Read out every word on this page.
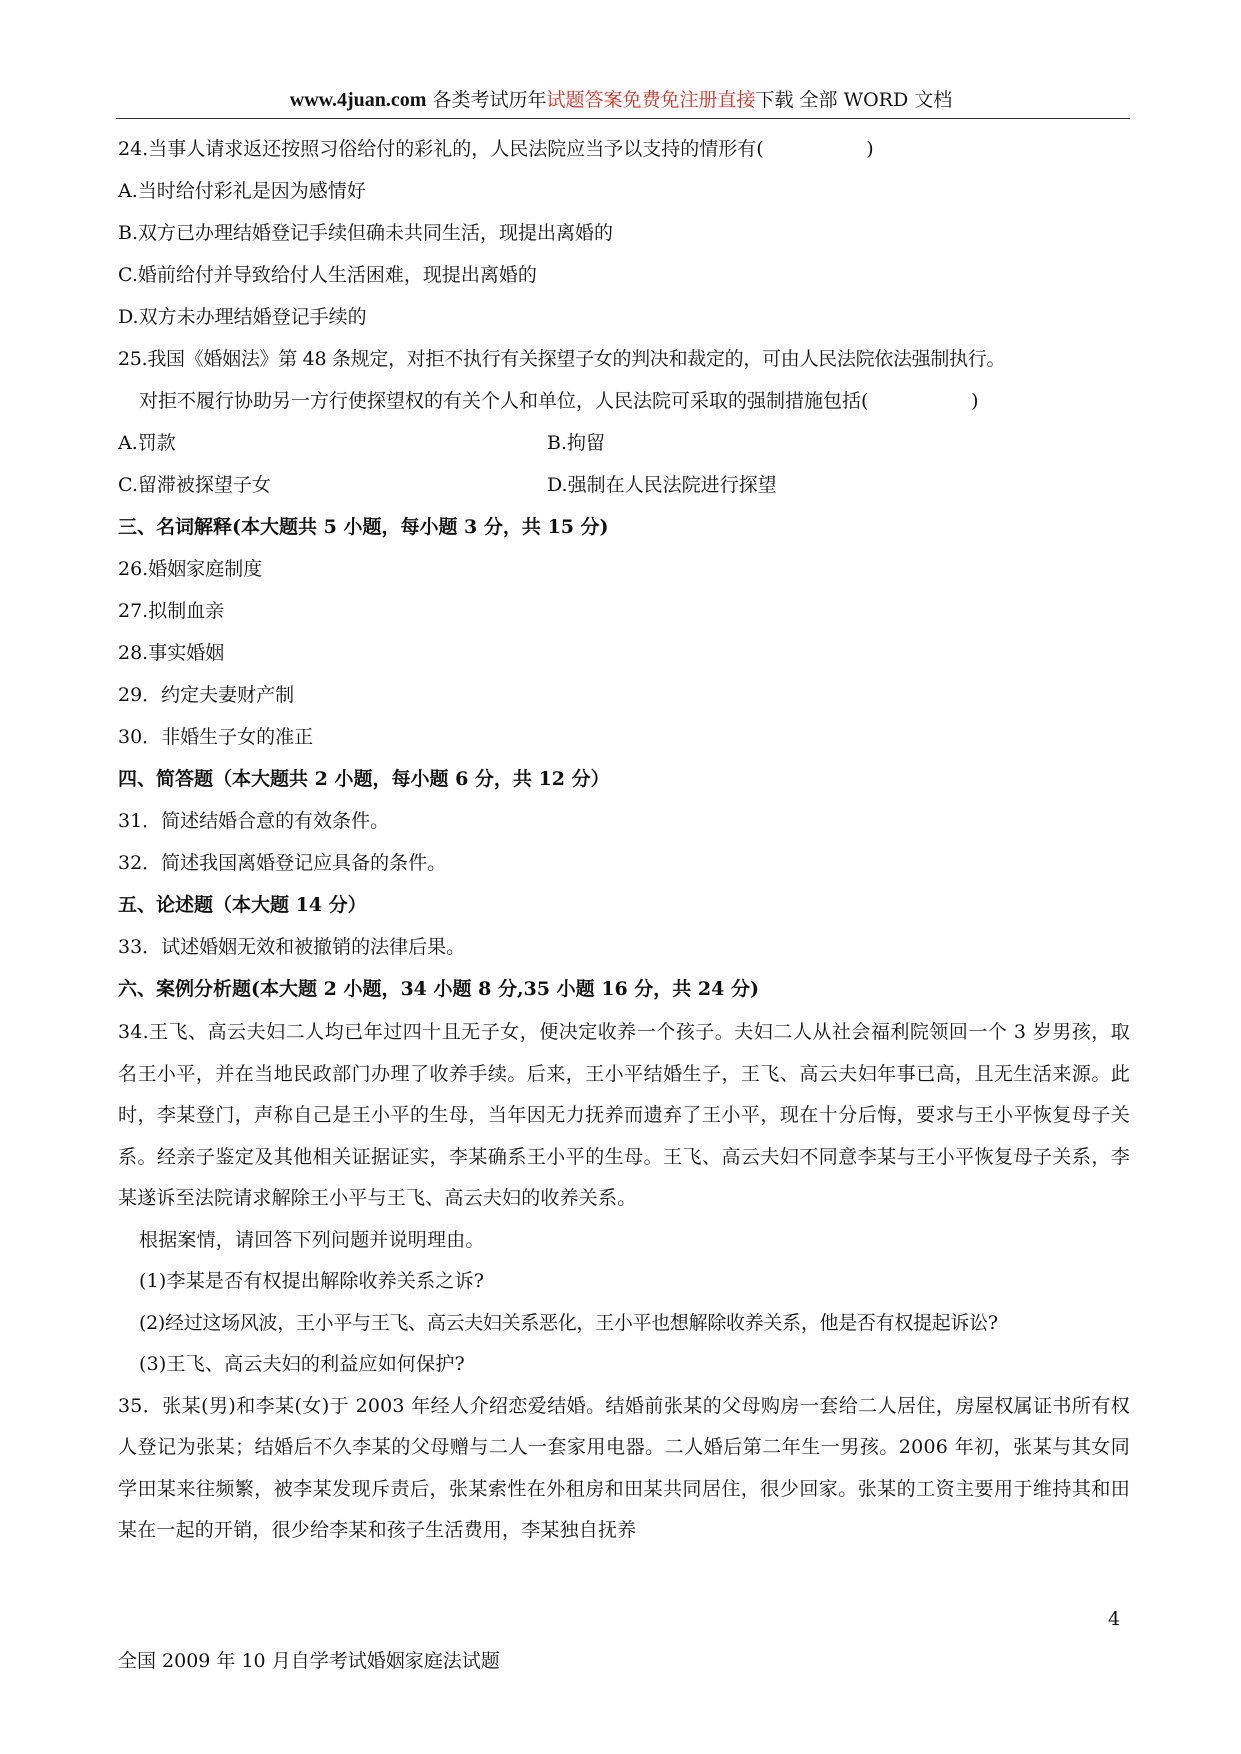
www.4juan.com 各类考试历年试题答案免费免注册直接下载 全部 WORD 文档
24.当事人请求返还按照习俗给付的彩礼的，人民法院应当予以支持的情形有(                 )
A.当时给付彩礼是因为感情好
B.双方已办理结婚登记手续但确未共同生活，现提出离婚的
C.婚前给付并导致给付人生活困难，现提出离婚的
D.双方未办理结婚登记手续的
25.我国《婚姻法》第 48 条规定，对拒不执行有关探望子女的判决和裁定的，可由人民法院依法强制执行。
对拒不履行协助另一方行使探望权的有关个人和单位，人民法院可采取的强制措施包括(                 )
A.罚款	B.拘留
C.留滞被探望子女	D.强制在人民法院进行探望
三、名词解释(本大题共 5 小题，每小题 3 分，共 15 分)
26.婚姻家庭制度
27.拟制血亲
28.事实婚姻
29．约定夫妻财产制
30．非婚生子女的准正
四、简答题（本大题共 2 小题，每小题 6 分，共 12 分）
31．简述结婚合意的有效条件。
32．简述我国离婚登记应具备的条件。
五、论述题（本大题 14 分）
33．试述婚姻无效和被撤销的法律后果。
六、案例分析题(本大题 2 小题，34 小题 8 分,35 小题 16 分，共 24 分)
34.王飞、高云夫妇二人均已年过四十且无子女，便决定收养一个孩子。夫妇二人从社会福利院领回一个 3 岁男孩，取名王小平，并在当地民政部门办理了收养手续。后来，王小平结婚生子，王飞、高云夫妇年事已高，且无生活来源。此时，李某登门，声称自己是王小平的生母，当年因无力抚养而遗弃了王小平，现在十分后悔，要求与王小平恢复母子关系。经亲子鉴定及其他相关证据证实，李某确系王小平的生母。王飞、高云夫妇不同意李某与王小平恢复母子关系，李某遂诉至法院请求解除王小平与王飞、高云夫妇的收养关系。
根据案情，请回答下列问题并说明理由。
(1)李某是否有权提出解除收养关系之诉?
(2)经过这场风波，王小平与王飞、高云夫妇关系恶化，王小平也想解除收养关系，他是否有权提起诉讼?
(3)王飞、高云夫妇的利益应如何保护?
35．张某(男)和李某(女)于 2003 年经人介绍恋爱结婚。结婚前张某的父母购房一套给二人居住，房屋权属证书所有权人登记为张某；结婚后不久李某的父母赠与二人一套家用电器。二人婚后第二年生一男孩。2006 年初，张某与其女同学田某来往频繁，被李某发现斥责后，张某索性在外租房和田某共同居住，很少回家。张某的工资主要用于维持其和田某在一起的开销，很少给李某和孩子生活费用，李某独自抚养
4
全国 2009 年 10 月自学考试婚姻家庭法试题
